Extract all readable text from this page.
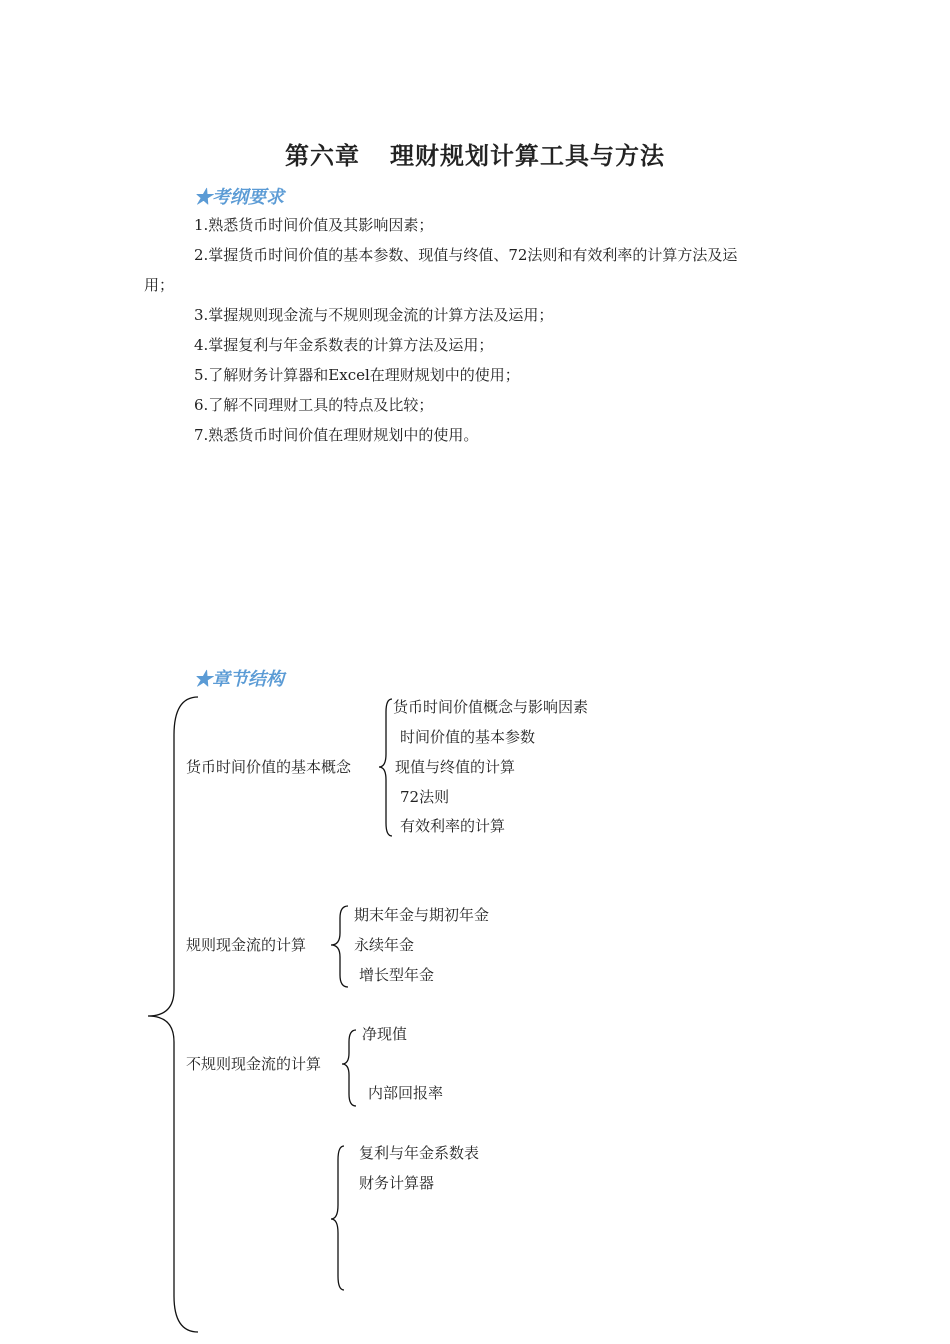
第六章 理财规划计算工具与方法
★考纲要求
1.熟悉货币时间价值及其影响因素；
2.掌握货币时间价值的基本参数、现值与终值、72法则和有效利率的计算方法及运
用；
3.掌握规则现金流与不规则现金流的计算方法及运用；
4.掌握复利与年金系数表的计算方法及运用；
5.了解财务计算器和Excel在理财规划中的使用；
6.了解不同理财工具的特点及比较；
7.熟悉货币时间价值在理财规划中的使用。
★章节结构
货币时间价值的基本概念
货币时间价值概念与影响因素
时间价值的基本参数
现值与终值的计算
72法则
有效利率的计算
规则现金流的计算
期末年金与期初年金
永续年金
增长型年金
不规则现金流的计算
净现值
内部回报率
复利与年金系数表
财务计算器
